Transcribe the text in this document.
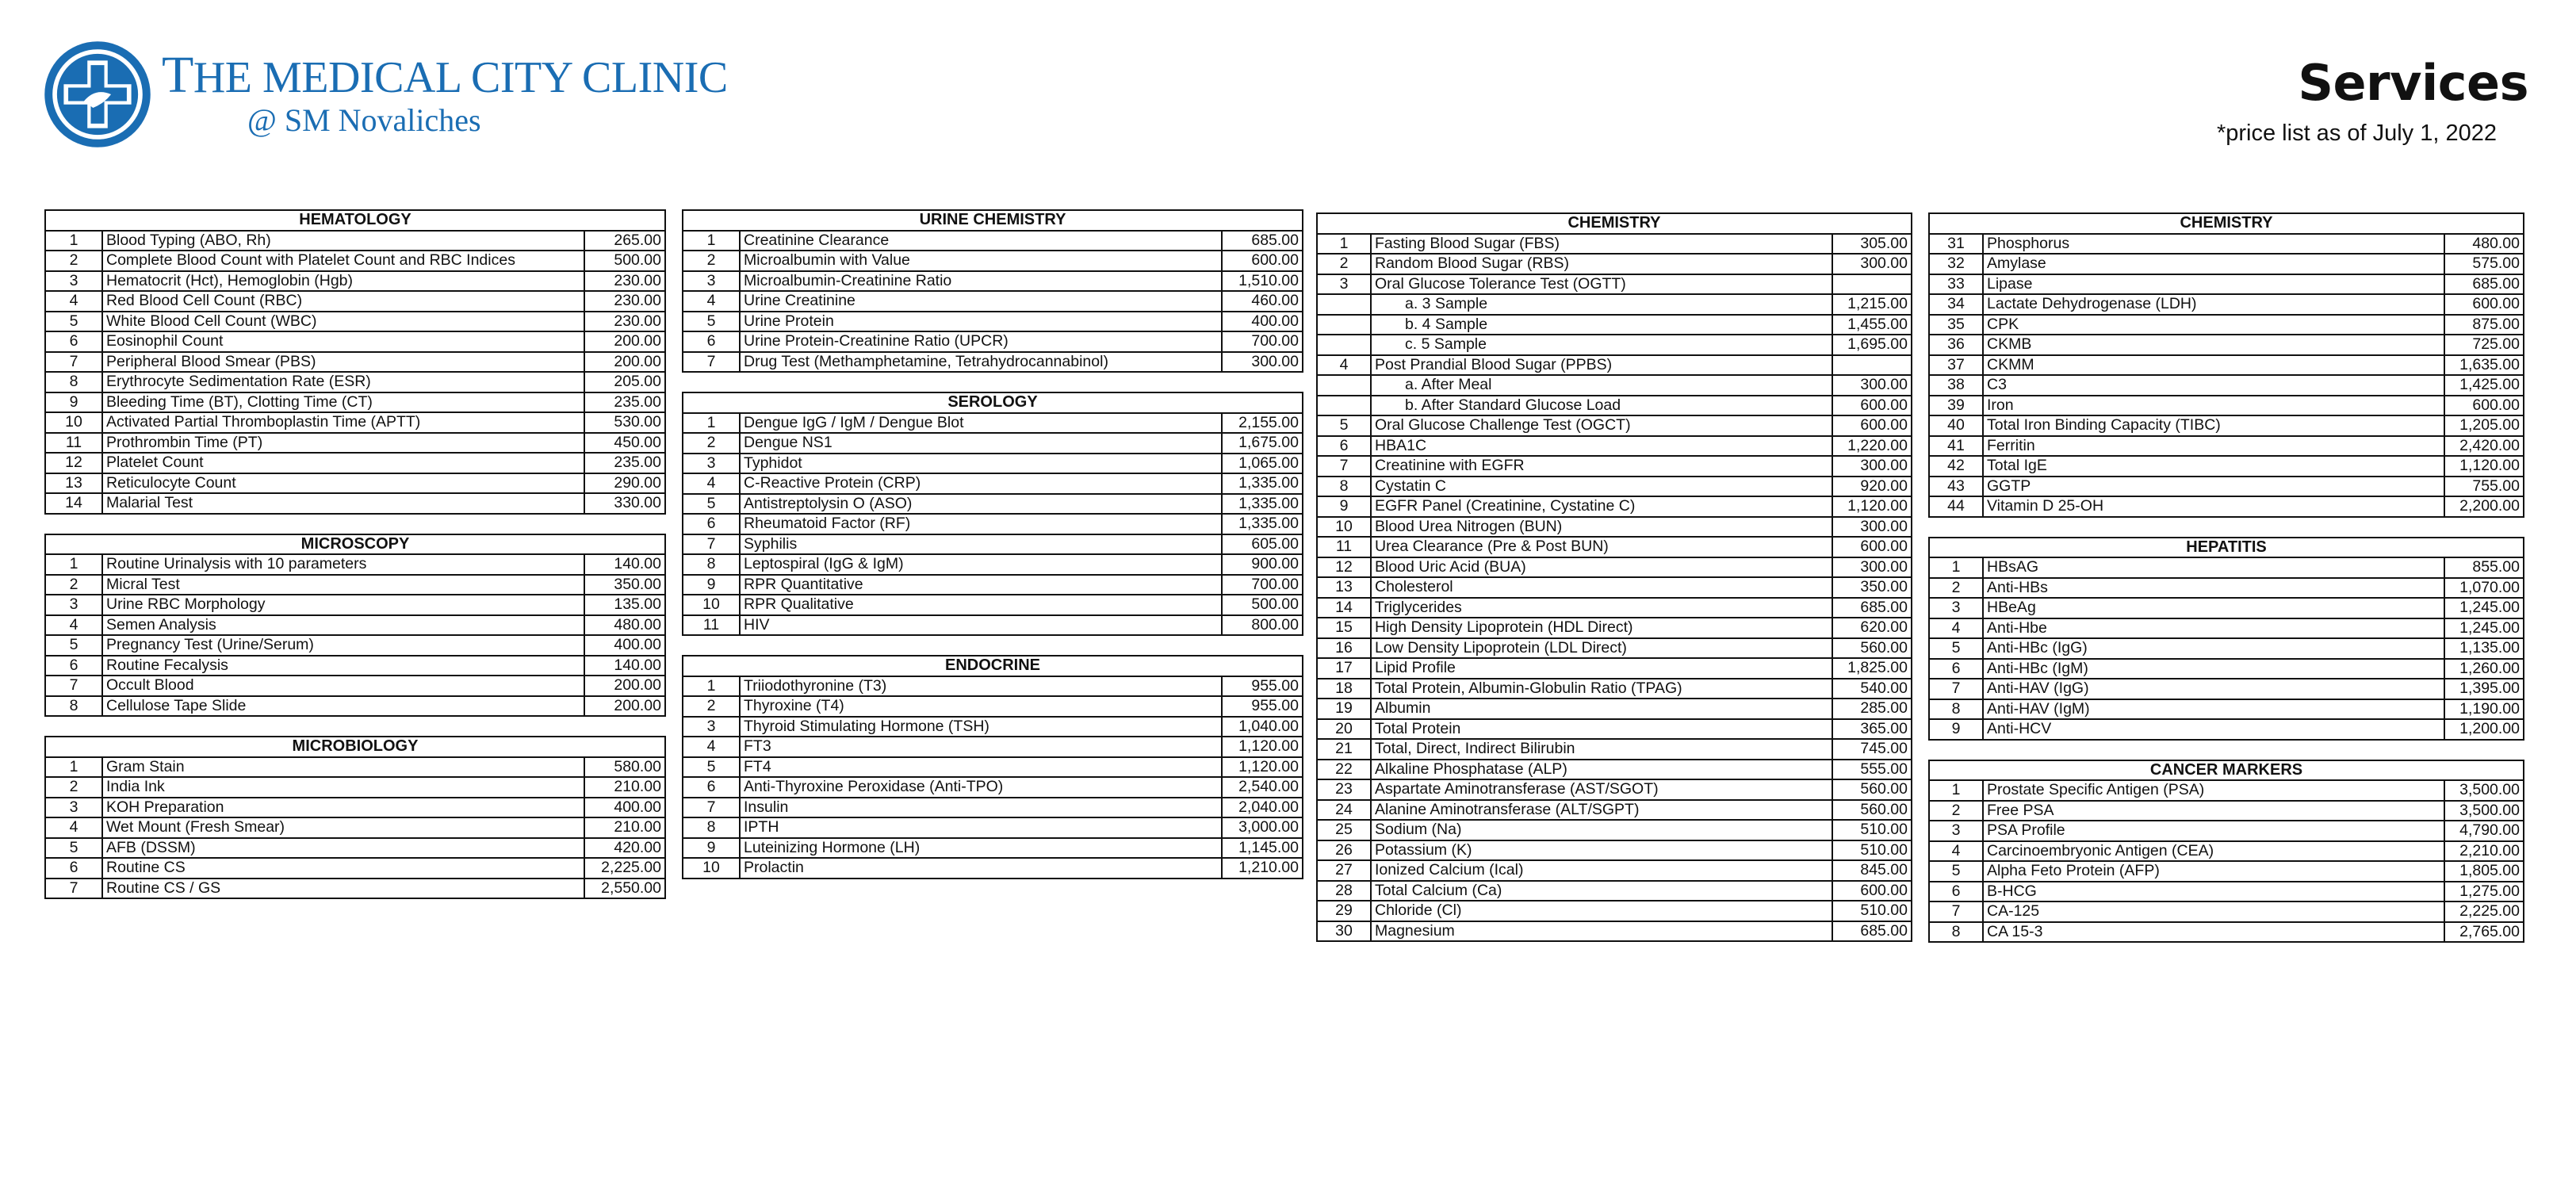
THE MEDICAL CITY CLINIC
@ SM Novaliches
Services
*price list as of July 1, 2022
HEMATOLOGY		
1	Blood Typing (ABO, Rh)	265.00
2	Complete Blood Count with Platelet Count and RBC Indices	500.00
3	Hematocrit (Hct), Hemoglobin (Hgb)	230.00
4	Red Blood Cell Count (RBC)	230.00
5	White Blood Cell Count (WBC)	230.00
6	Eosinophil Count	200.00
7	Peripheral Blood Smear (PBS)	200.00
8	Erythrocyte Sedimentation Rate (ESR)	205.00
9	Bleeding Time (BT), Clotting Time (CT)	235.00
10	Activated Partial Thromboplastin Time (APTT)	530.00
11	Prothrombin Time (PT)	450.00
12	Platelet Count	235.00
13	Reticulocyte Count	290.00
14	Malarial Test	330.00
MICROSCOPY		
1	Routine Urinalysis with 10 parameters	140.00
2	Micral Test	350.00
3	Urine RBC Morphology	135.00
4	Semen Analysis	480.00
5	Pregnancy Test (Urine/Serum)	400.00
6	Routine Fecalysis	140.00
7	Occult Blood	200.00
8	Cellulose Tape Slide	200.00
MICROBIOLOGY		
1	Gram Stain	580.00
2	India Ink	210.00
3	KOH Preparation	400.00
4	Wet Mount (Fresh Smear)	210.00
5	AFB (DSSM)	420.00
6	Routine CS	2,225.00
7	Routine CS / GS	2,550.00
URINE CHEMISTRY		
1	Creatinine Clearance	685.00
2	Microalbumin with Value	600.00
3	Microalbumin-Creatinine Ratio	1,510.00
4	Urine Creatinine	460.00
5	Urine Protein	400.00
6	Urine Protein-Creatinine Ratio (UPCR)	700.00
7	Drug Test (Methamphetamine, Tetrahydrocannabinol)	300.00
SEROLOGY		
1	Dengue IgG / IgM / Dengue Blot	2,155.00
2	Dengue NS1	1,675.00
3	Typhidot	1,065.00
4	C-Reactive Protein (CRP)	1,335.00
5	Antistreptolysin O (ASO)	1,335.00
6	Rheumatoid Factor (RF)	1,335.00
7	Syphilis	605.00
8	Leptospiral (IgG & IgM)	900.00
9	RPR Quantitative	700.00
10	RPR Qualitative	500.00
11	HIV	800.00
ENDOCRINE		
1	Triiodothyronine (T3)	955.00
2	Thyroxine (T4)	955.00
3	Thyroid Stimulating Hormone (TSH)	1,040.00
4	FT3	1,120.00
5	FT4	1,120.00
6	Anti-Thyroxine Peroxidase (Anti-TPO)	2,540.00
7	Insulin	2,040.00
8	IPTH	3,000.00
9	Luteinizing Hormone (LH)	1,145.00
10	Prolactin	1,210.00
CHEMISTRY		
1	Fasting Blood Sugar (FBS)	305.00
2	Random Blood Sugar (RBS)	300.00
3	Oral Glucose Tolerance Test (OGTT)	
	a. 3 Sample	1,215.00
	b. 4 Sample	1,455.00
	c. 5 Sample	1,695.00
4	Post Prandial Blood Sugar (PPBS)	
	a. After Meal	300.00
	b. After Standard Glucose Load	600.00
5	Oral Glucose Challenge Test (OGCT)	600.00
6	HBA1C	1,220.00
7	Creatinine with EGFR	300.00
8	Cystatin C	920.00
9	EGFR Panel (Creatinine, Cystatine C)	1,120.00
10	Blood Urea Nitrogen (BUN)	300.00
11	Urea Clearance (Pre & Post BUN)	600.00
12	Blood Uric Acid (BUA)	300.00
13	Cholesterol	350.00
14	Triglycerides	685.00
15	High Density Lipoprotein (HDL Direct)	620.00
16	Low Density Lipoprotein (LDL Direct)	560.00
17	Lipid Profile	1,825.00
18	Total Protein, Albumin-Globulin Ratio (TPAG)	540.00
19	Albumin	285.00
20	Total Protein	365.00
21	Total, Direct, Indirect Bilirubin	745.00
22	Alkaline Phosphatase (ALP)	555.00
23	Aspartate Aminotransferase (AST/SGOT)	560.00
24	Alanine Aminotransferase (ALT/SGPT)	560.00
25	Sodium (Na)	510.00
26	Potassium (K)	510.00
27	Ionized Calcium (Ical)	845.00
28	Total Calcium (Ca)	600.00
29	Chloride (Cl)	510.00
30	Magnesium	685.00
CHEMISTRY		
31	Phosphorus	480.00
32	Amylase	575.00
33	Lipase	685.00
34	Lactate Dehydrogenase (LDH)	600.00
35	CPK	875.00
36	CKMB	725.00
37	CKMM	1,635.00
38	C3	1,425.00
39	Iron	600.00
40	Total Iron Binding Capacity (TIBC)	1,205.00
41	Ferritin	2,420.00
42	Total IgE	1,120.00
43	GGTP	755.00
44	Vitamin D 25-OH	2,200.00
HEPATITIS		
1	HBsAG	855.00
2	Anti-HBs	1,070.00
3	HBeAg	1,245.00
4	Anti-Hbe	1,245.00
5	Anti-HBc (IgG)	1,135.00
6	Anti-HBc (IgM)	1,260.00
7	Anti-HAV (IgG)	1,395.00
8	Anti-HAV (IgM)	1,190.00
9	Anti-HCV	1,200.00
CANCER MARKERS		
1	Prostate Specific Antigen (PSA)	3,500.00
2	Free PSA	3,500.00
3	PSA Profile	4,790.00
4	Carcinoembryonic Antigen (CEA)	2,210.00
5	Alpha Feto Protein (AFP)	1,805.00
6	B-HCG	1,275.00
7	CA-125	2,225.00
8	CA 15-3	2,765.00
